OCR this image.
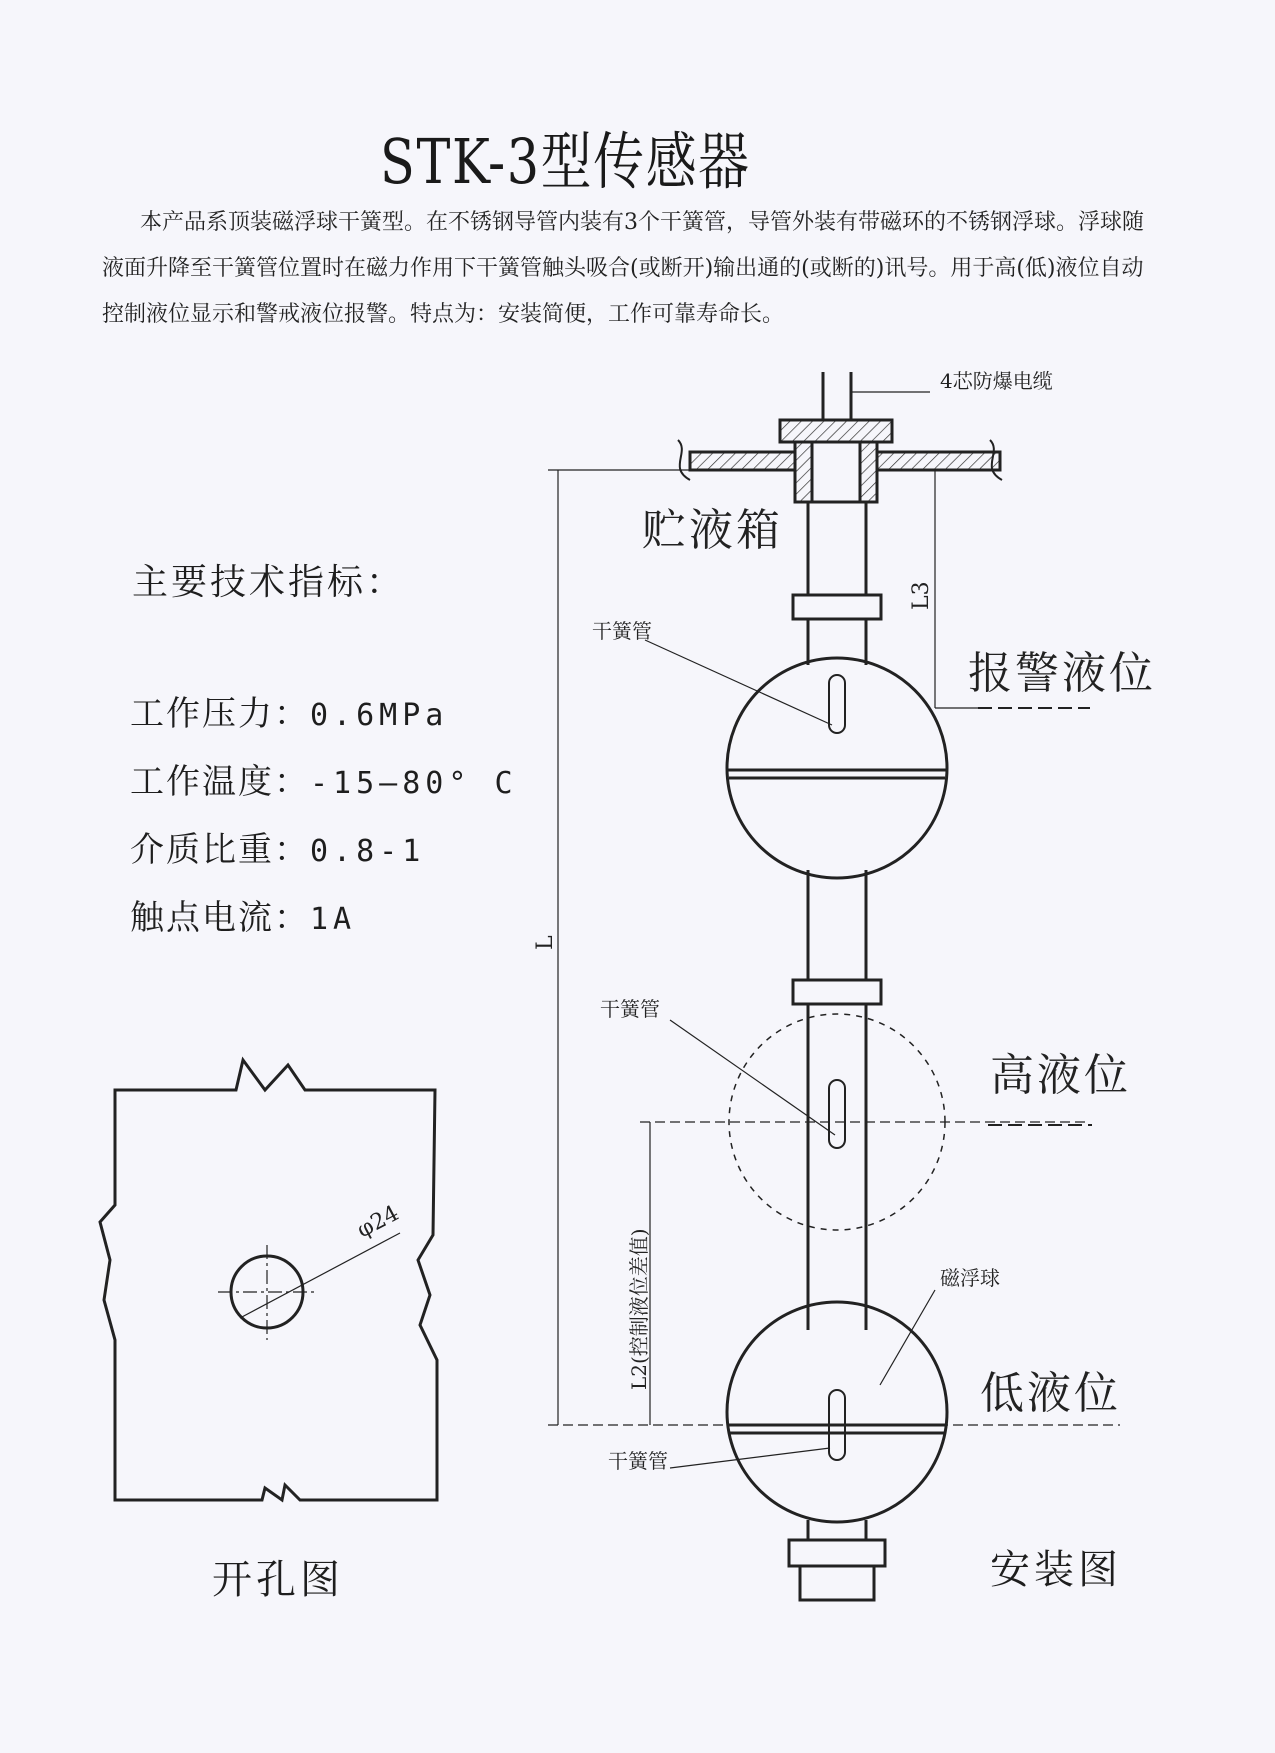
STK-3型传感器

本产品系顶装磁浮球干簧型。在不锈钢导管内装有3个干簧管，导管外装有带磁环的不锈钢浮球。浮球随液面升降至干簧管位置时在磁力作用下干簧管触头吸合(或断开)输出通的(或断的)讯号。用于高(低)液位自动控制液位显示和警戒液位报警。特点为：安装简便，工作可靠寿命长。

主要技术指标：
工作压力：0.6MPa
工作温度：-15—80° C
介质比重：0.8-1
触点电流：1A
φ24
4芯防爆电缆
贮液箱
报警液位
高液位
低液位
干簧管
干簧管
干簧管
磁浮球
L
L3
L2(控制液位差值)
开孔图	安装图
